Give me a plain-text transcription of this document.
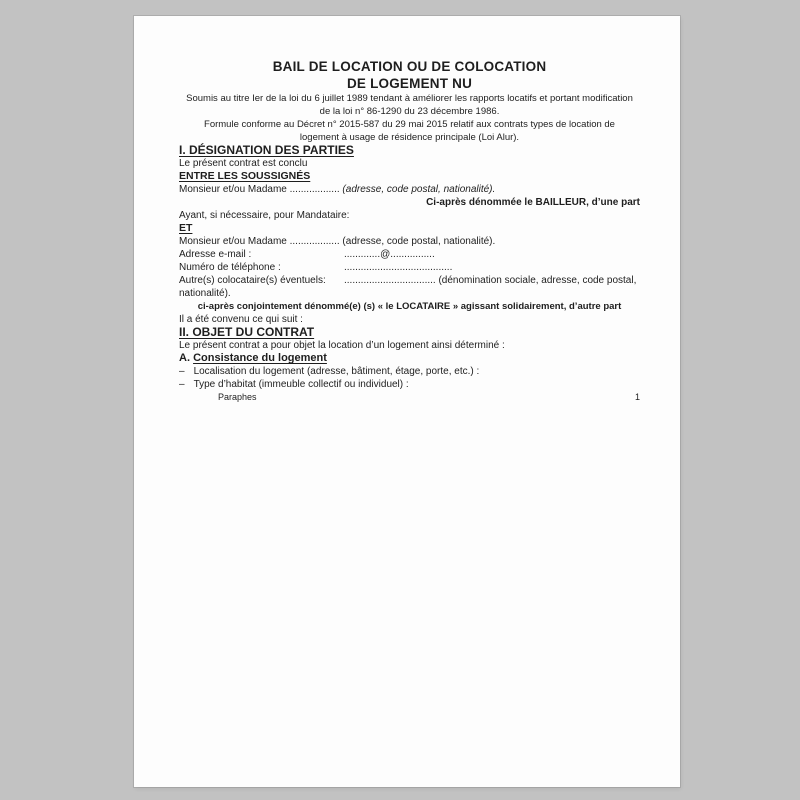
BAIL DE LOCATION OU DE COLOCATION
DE LOGEMENT NU
Soumis au titre Ier de la loi du 6 juillet 1989 tendant à améliorer les rapports locatifs et portant modification
de la loi n° 86-1290 du 23 décembre 1986.
Formule conforme au Décret n° 2015-587 du 29 mai 2015 relatif aux contrats types de location de
logement à usage de résidence principale (Loi Alur).

I. DÉSIGNATION DES PARTIES

Le présent contrat est conclu

ENTRE LES SOUSSIGNÉS

Monsieur et/ou Madame .................. (adresse, code postal, nationalité).

Ci-après dénommée le BAILLEUR, d’une part

Ayant, si nécessaire, pour Mandataire:

ET

Monsieur et/ou Madame .................. (adresse, code postal, nationalité).

Adresse e-mail :	.............@................
Numéro de téléphone :	.......................................
Autre(s) colocataire(s) éventuels:	................................. (dénomination sociale, adresse, code postal,

nationalité).

ci-après conjointement dénommé(e) (s) « le LOCATAIRE » agissant solidairement, d’autre part

Il a été convenu ce qui suit :

II. OBJET DU CONTRAT

Le présent contrat a pour objet la location d’un logement ainsi déterminé :

A. Consistance du logement

– Localisation du logement (adresse, bâtiment, étage, porte, etc.) :
– Type d’habitat (immeuble collectif ou individuel) :
Paraphes	1
